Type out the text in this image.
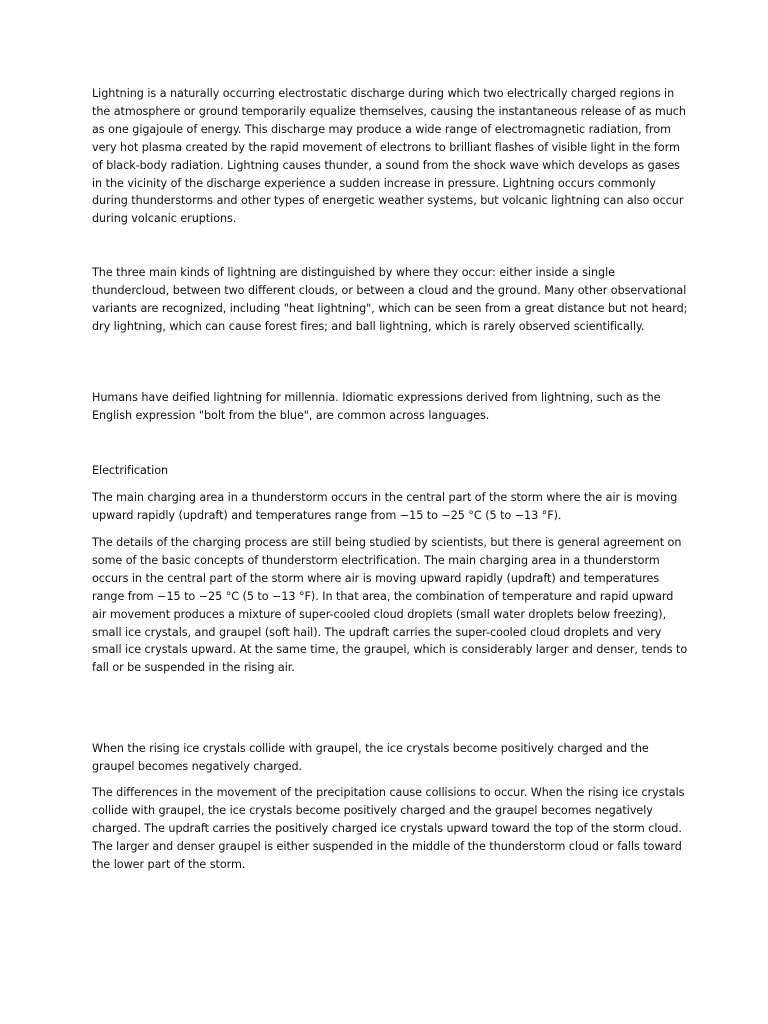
Lightning is a naturally occurring electrostatic discharge during which two electrically charged regions in the atmosphere or ground temporarily equalize themselves, causing the instantaneous release of as much as one gigajoule of energy. This discharge may produce a wide range of electromagnetic radiation, from very hot plasma created by the rapid movement of electrons to brilliant flashes of visible light in the form of black-body radiation. Lightning causes thunder, a sound from the shock wave which develops as gases in the vicinity of the discharge experience a sudden increase in pressure. Lightning occurs commonly during thunderstorms and other types of energetic weather systems, but volcanic lightning can also occur during volcanic eruptions.

The three main kinds of lightning are distinguished by where they occur: either inside a single thundercloud, between two different clouds, or between a cloud and the ground. Many other observational variants are recognized, including "heat lightning", which can be seen from a great distance but not heard; dry lightning, which can cause forest fires; and ball lightning, which is rarely observed scientifically.

Humans have deified lightning for millennia. Idiomatic expressions derived from lightning, such as the English expression "bolt from the blue", are common across languages.

Electrification

The main charging area in a thunderstorm occurs in the central part of the storm where the air is moving upward rapidly (updraft) and temperatures range from −15 to −25 °C (5 to −13 °F).

The details of the charging process are still being studied by scientists, but there is general agreement on some of the basic concepts of thunderstorm electrification. The main charging area in a thunderstorm occurs in the central part of the storm where air is moving upward rapidly (updraft) and temperatures range from −15 to −25 °C (5 to −13 °F). In that area, the combination of temperature and rapid upward air movement produces a mixture of super-cooled cloud droplets (small water droplets below freezing), small ice crystals, and graupel (soft hail). The updraft carries the super-cooled cloud droplets and very small ice crystals upward. At the same time, the graupel, which is considerably larger and denser, tends to fall or be suspended in the rising air.

When the rising ice crystals collide with graupel, the ice crystals become positively charged and the graupel becomes negatively charged.

The differences in the movement of the precipitation cause collisions to occur. When the rising ice crystals collide with graupel, the ice crystals become positively charged and the graupel becomes negatively charged. The updraft carries the positively charged ice crystals upward toward the top of the storm cloud. The larger and denser graupel is either suspended in the middle of the thunderstorm cloud or falls toward the lower part of the storm.
